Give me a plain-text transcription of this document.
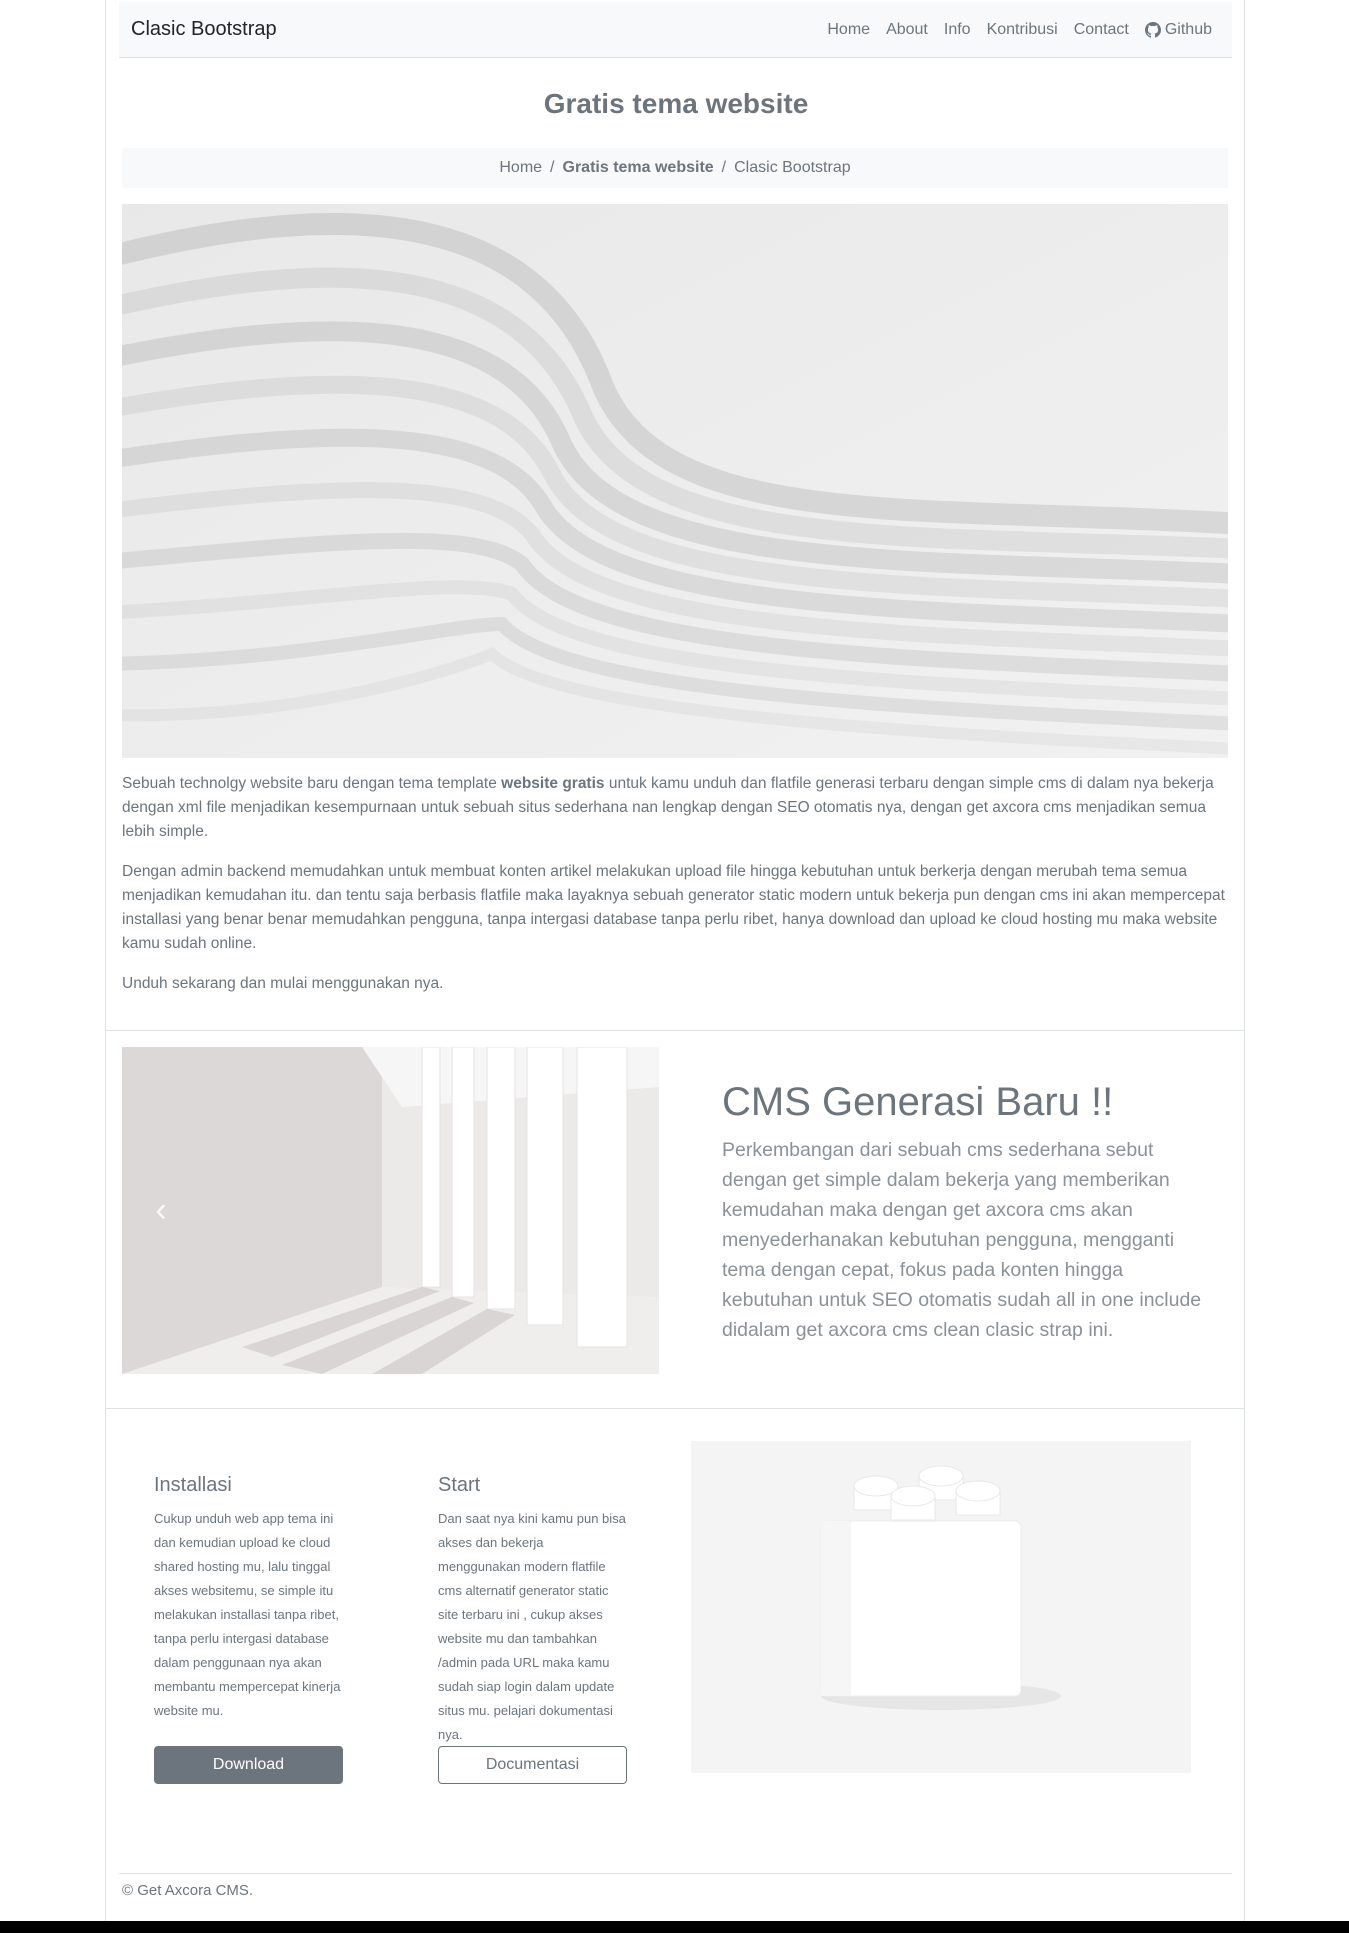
Clasic Bootstrap	Home	About	Info	Kontribusi	Contact	Github
Gratis tema website
Home / Gratis tema website / Clasic Bootstrap

Sebuah technolgy website baru dengan tema template website gratis untuk kamu unduh dan flatfile generasi terbaru dengan simple cms di dalam nya bekerja dengan xml file menjadikan kesempurnaan untuk sebuah situs sederhana nan lengkap dengan SEO otomatis nya, dengan get axcora cms menjadikan semua lebih simple.

Dengan admin backend memudahkan untuk membuat konten artikel melakukan upload file hingga kebutuhan untuk berkerja dengan merubah tema semua menjadikan kemudahan itu. dan tentu saja berbasis flatfile maka layaknya sebuah generator static modern untuk bekerja pun dengan cms ini akan mempercepat installasi yang benar benar memudahkan pengguna, tanpa intergasi database tanpa perlu ribet, hanya download dan upload ke cloud hosting mu maka website kamu sudah online.

Unduh sekarang dan mulai menggunakan nya.

‹	›
CMS Generasi Baru !!

Perkembangan dari sebuah cms sederhana sebut dengan get simple dalam bekerja yang memberikan kemudahan maka dengan get axcora cms akan menyederhanakan kebutuhan pengguna, mengganti tema dengan cepat, fokus pada konten hingga kebutuhan untuk SEO otomatis sudah all in one include didalam get axcora cms clean clasic strap ini.

Installasi

Cukup unduh web app tema ini dan kemudian upload ke cloud shared hosting mu, lalu tinggal akses websitemu, se simple itu melakukan installasi tanpa ribet, tanpa perlu intergasi database dalam penggunaan nya akan membantu mempercepat kinerja website mu.

Download
Start

Dan saat nya kini kamu pun bisa akses dan bekerja menggunakan modern flatfile cms alternatif generator static site terbaru ini , cukup akses website mu dan tambahkan /admin pada URL maka kamu sudah siap login dalam update situs mu. pelajari dokumentasi nya.

Documentasi
© Get Axcora CMS.
